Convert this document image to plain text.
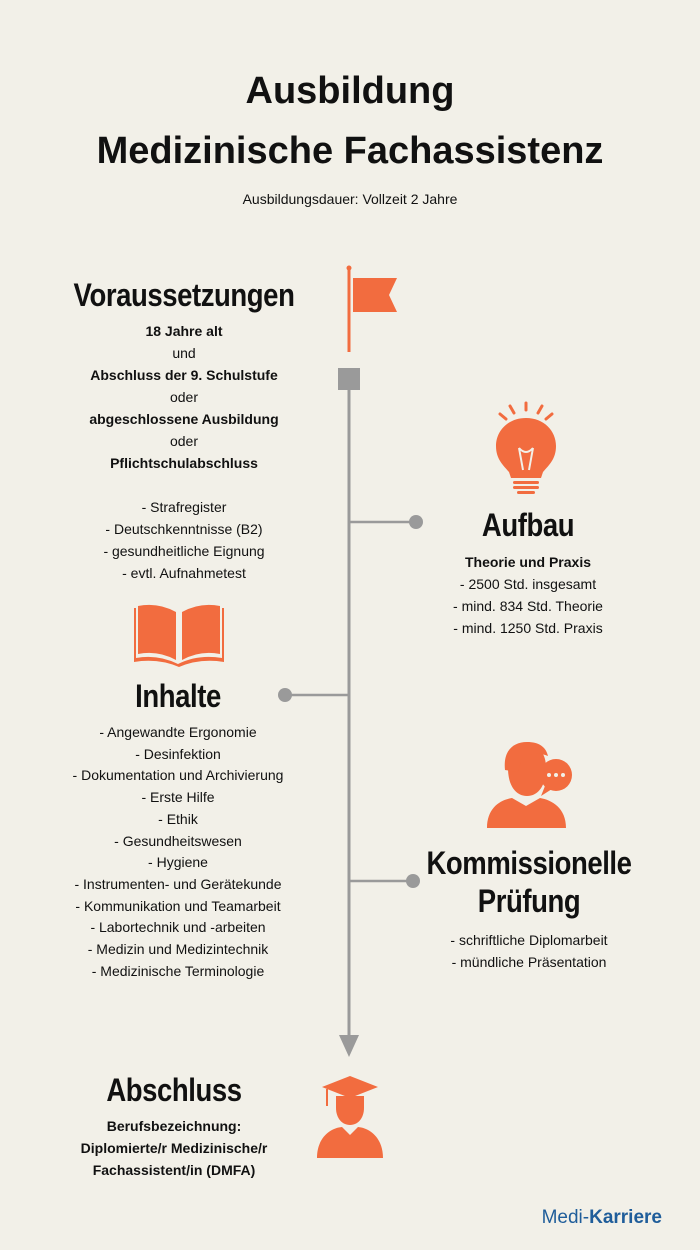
Ausbildung
Medizinische Fachassistenz
Ausbildungsdauer: Vollzeit 2 Jahre
Voraussetzungen
18 Jahre alt
und
Abschluss der 9. Schulstufe
oder
abgeschlossene Ausbildung
oder
Pflichtschulabschluss
- Strafregister
- Deutschkenntnisse (B2)
- gesundheitliche Eignung
- evtl. Aufnahmetest
Aufbau
Theorie und Praxis
- 2500 Std. insgesamt
- mind. 834 Std. Theorie
- mind. 1250 Std. Praxis
Inhalte
- Angewandte Ergonomie
- Desinfektion
- Dokumentation und Archivierung
- Erste Hilfe
- Ethik
- Gesundheitswesen
- Hygiene
- Instrumenten- und Gerätekunde
- Kommunikation und Teamarbeit
- Labortechnik und -arbeiten
- Medizin und Medizintechnik
- Medizinische Terminologie
Kommissionelle
Prüfung
- schriftliche Diplomarbeit
- mündliche Präsentation
Abschluss
Berufsbezeichnung:
Diplomierte/r Medizinische/r
Fachassistent/in (DMFA)
Medi-Karriere
